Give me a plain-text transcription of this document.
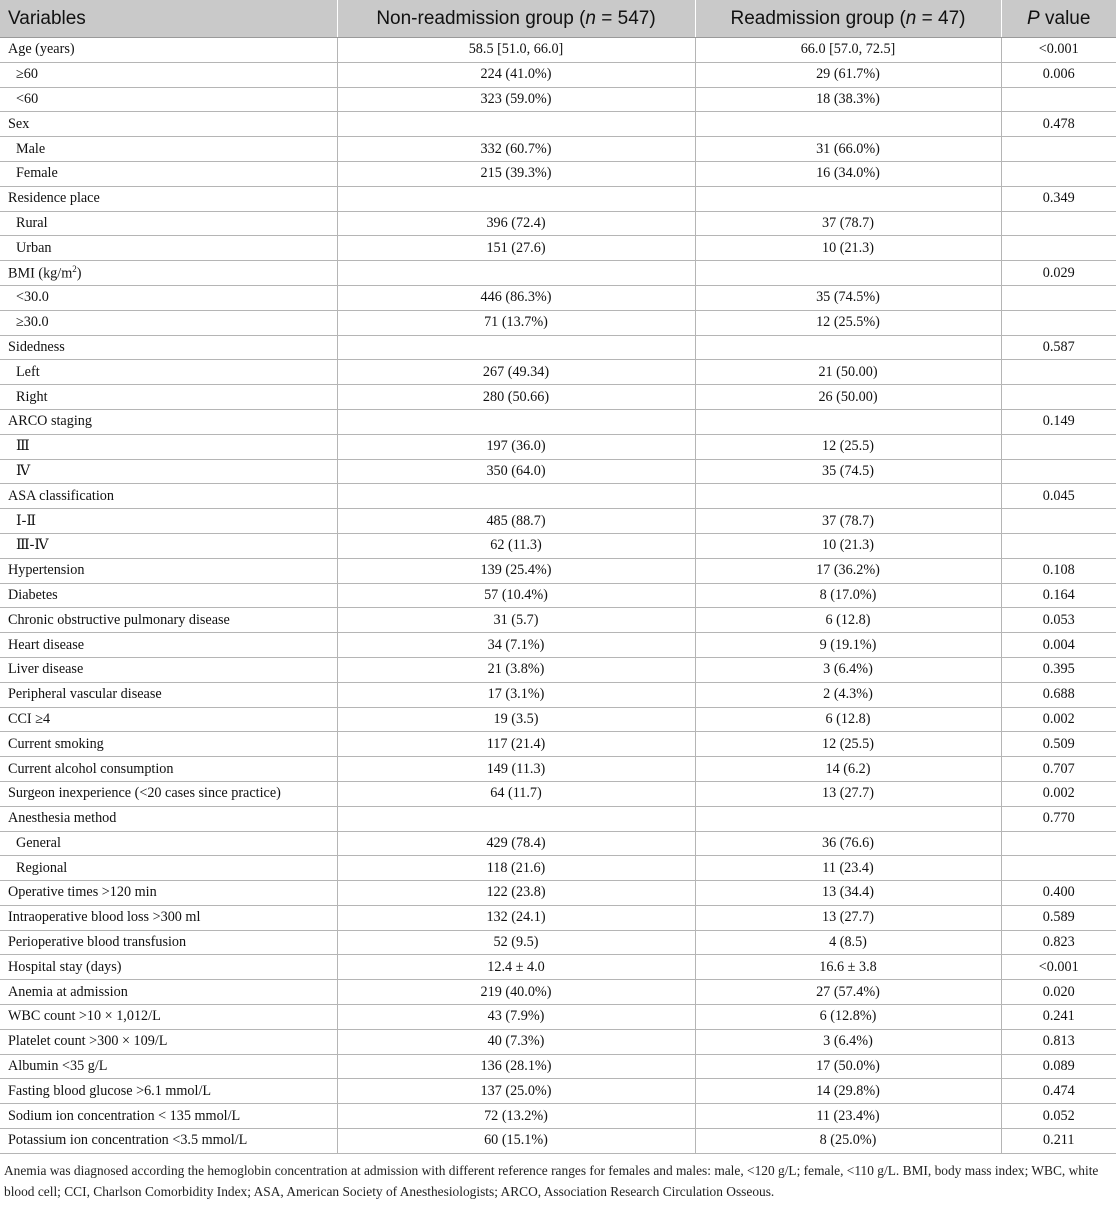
Variables	Non-readmission group (n = 547)	Readmission group (n = 47)	P value
Age (years)	58.5 [51.0, 66.0]	66.0 [57.0, 72.5]	<0.001
≥60	224 (41.0%)	29 (61.7%)	0.006
<60	323 (59.0%)	18 (38.3%)	
Sex			0.478
Male	332 (60.7%)	31 (66.0%)	
Female	215 (39.3%)	16 (34.0%)	
Residence place			0.349
Rural	396 (72.4)	37 (78.7)	
Urban	151 (27.6)	10 (21.3)	
BMI $(kg/m^2)$			0.029
<30.0	446 (86.3%)	35 (74.5%)	
≥30.0	71 (13.7%)	12 (25.5%)	
Sidedness			0.587
Left	267 (49.34)	21 (50.00)	
Right	280 (50.66)	26 (50.00)	
ARCO staging			0.149
Ⅲ	197 (36.0)	12 (25.5)	
Ⅳ	350 (64.0)	35 (74.5)	
ASA classification			0.045
Ⅰ-Ⅱ	485 (88.7)	37 (78.7)	
Ⅲ-Ⅳ	62 (11.3)	10 (21.3)	
Hypertension	139 (25.4%)	17 (36.2%)	0.108
Diabetes	57 (10.4%)	8 (17.0%)	0.164
Chronic obstructive pulmonary disease	31 (5.7)	6 (12.8)	0.053
Heart disease	34 (7.1%)	9 (19.1%)	0.004
Liver disease	21 (3.8%)	3 (6.4%)	0.395
Peripheral vascular disease	17 (3.1%)	2 (4.3%)	0.688
CCI ≥4	19 (3.5)	6 (12.8)	0.002
Current smoking	117 (21.4)	12 (25.5)	0.509
Current alcohol consumption	149 (11.3)	14 (6.2)	0.707
Surgeon inexperience (<20 cases since practice)	64 (11.7)	13 (27.7)	0.002
Anesthesia method			0.770
General	429 (78.4)	36 (76.6)	
Regional	118 (21.6)	11 (23.4)	
Operative times >120 min	122 (23.8)	13 (34.4)	0.400
Intraoperative blood loss >300 ml	132 (24.1)	13 (27.7)	0.589
Perioperative blood transfusion	52 (9.5)	4 (8.5)	0.823
Hospital stay (days)	12.4 ± 4.0	16.6 ± 3.8	<0.001
Anemia at admission	219 (40.0%)	27 (57.4%)	0.020
WBC count >10 × 1,012/L	43 (7.9%)	6 (12.8%)	0.241
Platelet count >300 × 109/L	40 (7.3%)	3 (6.4%)	0.813
Albumin <35 g/L	136 (28.1%)	17 (50.0%)	0.089
Fasting blood glucose >6.1 mmol/L	137 (25.0%)	14 (29.8%)	0.474
Sodium ion concentration < 135 mmol/L	72 (13.2%)	11 (23.4%)	0.052
Potassium ion concentration <3.5 mmol/L	60 (15.1%)	8 (25.0%)	0.211
Anemia was diagnosed according the hemoglobin concentration at admission with different reference ranges for females and males: male, <120 g/L; female, <110 g/L. BMI, body mass index; WBC, white blood cell; CCI, Charlson Comorbidity Index; ASA, American Society of Anesthesiologists; ARCO, Association Research Circulation Osseous.
